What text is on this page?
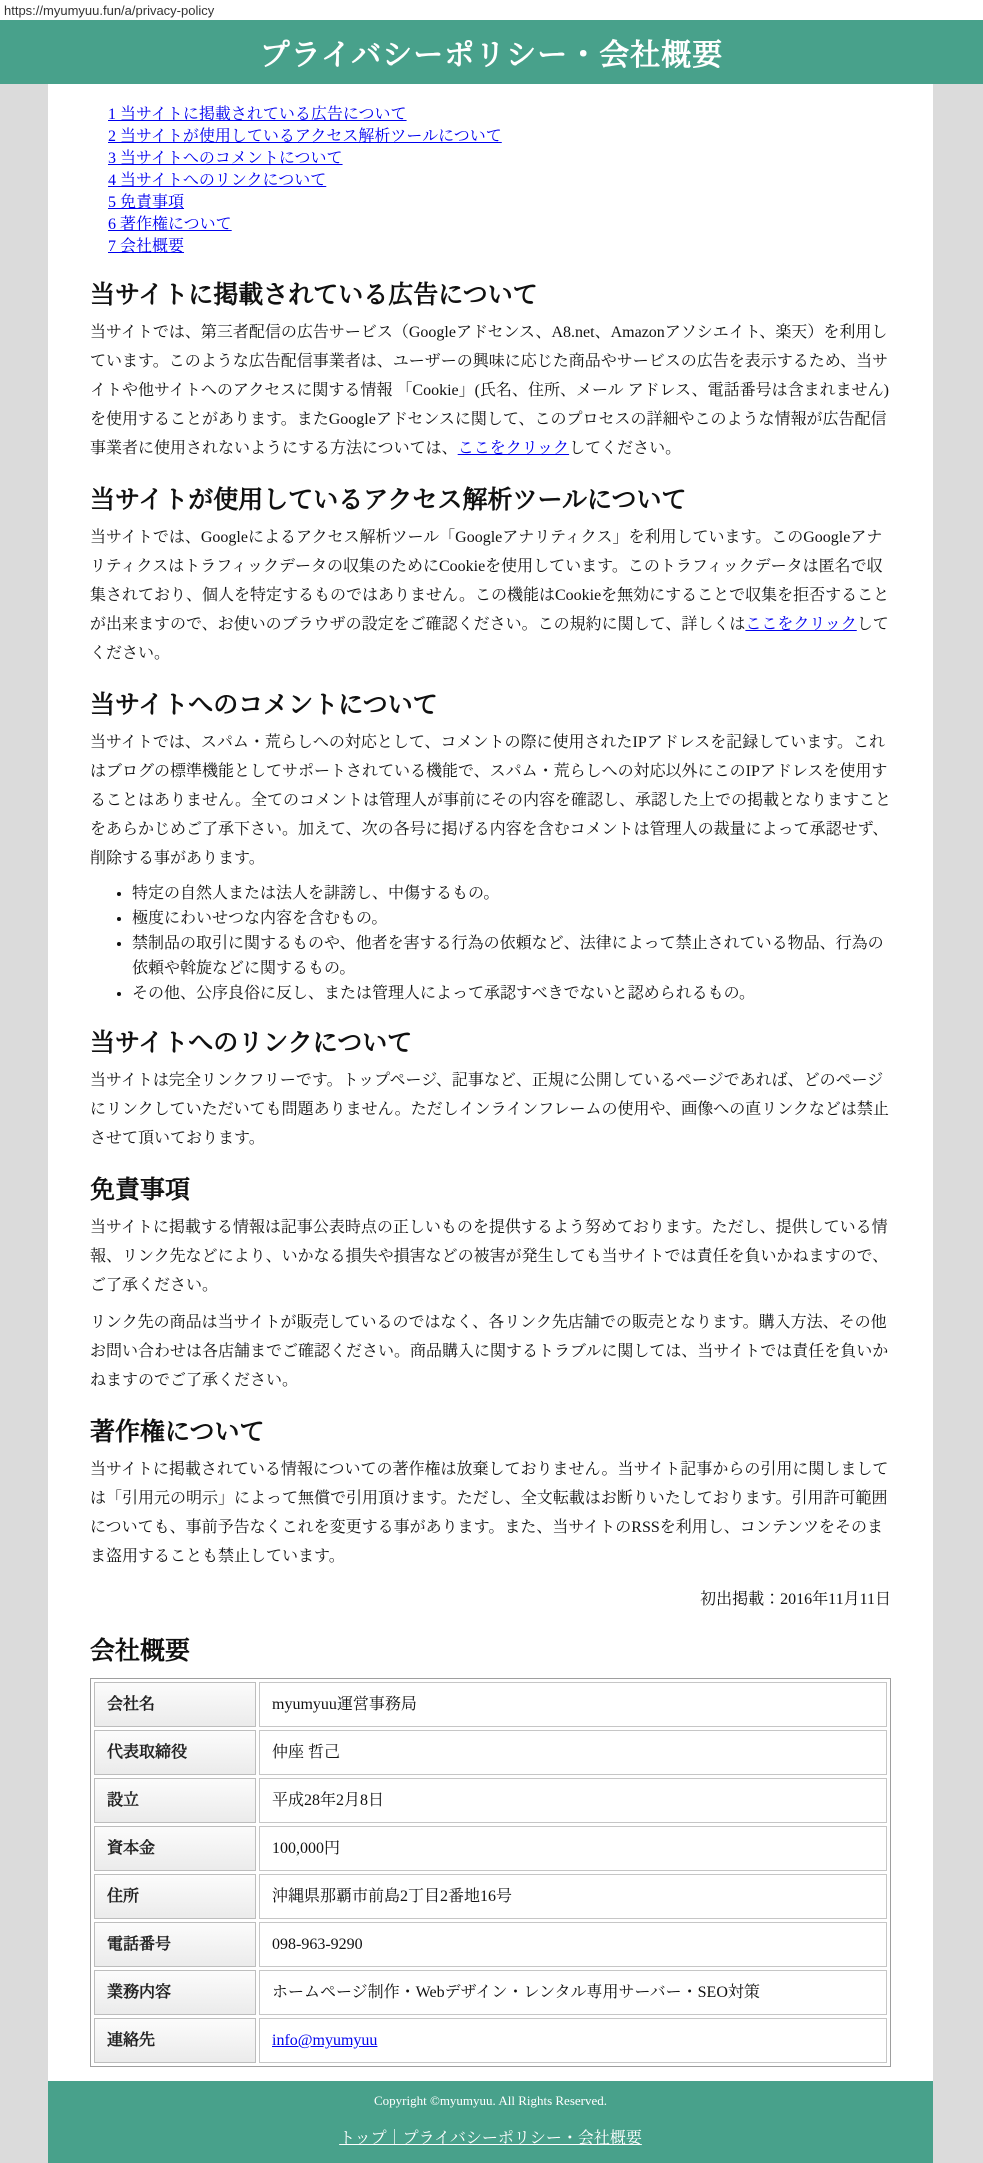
https://myumyuu.fun/a/privacy-policy
プライバシーポリシー・会社概要
1 当サイトに掲載されている広告について
2 当サイトが使用しているアクセス解析ツールについて
3 当サイトへのコメントについて
4 当サイトへのリンクについて
5 免責事項
6 著作権について
7 会社概要
当サイトに掲載されている広告について

当サイトでは、第三者配信の広告サービス（Googleアドセンス、A8.net、Amazonアソシエイト、楽天）を利用しています。このような広告配信事業者は、ユーザーの興味に応じた商品やサービスの広告を表示するため、当サイトや他サイトへのアクセスに関する情報 「Cookie」(氏名、住所、メール アドレス、電話番号は含まれません) を使用することがあります。またGoogleアドセンスに関して、このプロセスの詳細やこのような情報が広告配信事業者に使用されないようにする方法については、ここをクリックしてください。

当サイトが使用しているアクセス解析ツールについて

当サイトでは、Googleによるアクセス解析ツール「Googleアナリティクス」を利用しています。このGoogleアナリティクスはトラフィックデータの収集のためにCookieを使用しています。このトラフィックデータは匿名で収集されており、個人を特定するものではありません。この機能はCookieを無効にすることで収集を拒否することが出来ますので、お使いのブラウザの設定をご確認ください。この規約に関して、詳しくはここをクリックしてください。

当サイトへのコメントについて

当サイトでは、スパム・荒らしへの対応として、コメントの際に使用されたIPアドレスを記録しています。これはブログの標準機能としてサポートされている機能で、スパム・荒らしへの対応以外にこのIPアドレスを使用することはありません。全てのコメントは管理人が事前にその内容を確認し、承認した上での掲載となりますことをあらかじめご了承下さい。加えて、次の各号に掲げる内容を含むコメントは管理人の裁量によって承認せず、削除する事があります。

• 特定の自然人または法人を誹謗し、中傷するもの。
• 極度にわいせつな内容を含むもの。
• 禁制品の取引に関するものや、他者を害する行為の依頼など、法律によって禁止されている物品、行為の依頼や斡旋などに関するもの。
• その他、公序良俗に反し、または管理人によって承認すべきでないと認められるもの。
当サイトへのリンクについて

当サイトは完全リンクフリーです。トップページ、記事など、正規に公開しているページであれば、どのページにリンクしていただいても問題ありません。ただしインラインフレームの使用や、画像への直リンクなどは禁止させて頂いております。

免責事項

当サイトに掲載する情報は記事公表時点の正しいものを提供するよう努めております。ただし、提供している情報、リンク先などにより、いかなる損失や損害などの被害が発生しても当サイトでは責任を負いかねますので、ご了承ください。

リンク先の商品は当サイトが販売しているのではなく、各リンク先店舗での販売となります。購入方法、その他お問い合わせは各店舗までご確認ください。商品購入に関するトラブルに関しては、当サイトでは責任を負いかねますのでご了承ください。

著作権について

当サイトに掲載されている情報についての著作権は放棄しておりません。当サイト記事からの引用に関しましては「引用元の明示」によって無償で引用頂けます。ただし、全文転載はお断りいたしております。引用許可範囲についても、事前予告なくこれを変更する事があります。また、当サイトのRSSを利用し、コンテンツをそのまま盗用することも禁止しています。

初出掲載：2016年11月11日

会社概要
会社名	myumyuu運営事務局
代表取締役	仲座 哲己
設立	平成28年2月8日
資本金	100,000円
住所	沖縄県那覇市前島2丁目2番地16号
電話番号	098-963-9290
業務内容	ホームページ制作・Webデザイン・レンタル専用サーバー・SEO対策
連絡先	info@myumyuu

Copyright ©myumyuu. All Rights Reserved.

トップ｜プライバシーポリシー・会社概要
